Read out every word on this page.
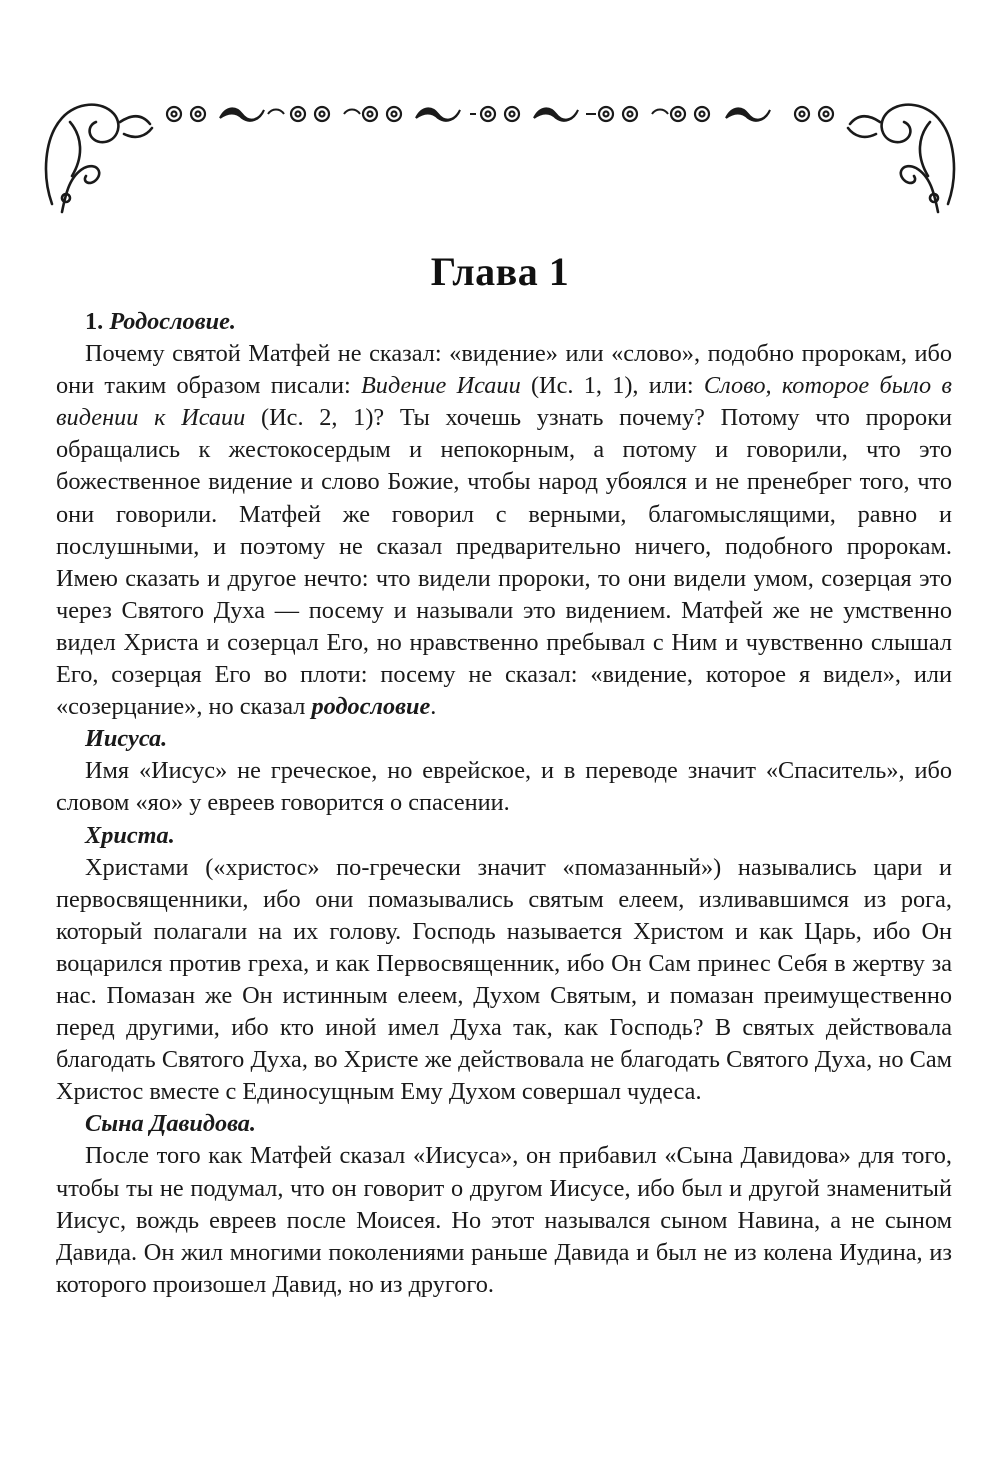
Глава 1

1. Родословие.

Почему святой Матфей не сказал: «видение» или «слово», подобно пророкам, ибо они таким образом писали: Видение Исаии (Ис. 1, 1), или: Слово, которое было в видении к Исаии (Ис. 2, 1)? Ты хочешь узнать почему? Потому что пророки обращались к жестокосердым и непокорным, а потому и говорили, что это божественное видение и слово Божие, чтобы народ убоялся и не пренебрег того, что они говорили. Матфей же говорил с верными, благомыслящими, равно и послушными, и поэтому не сказал предварительно ничего, подобного пророкам. Имею сказать и другое нечто: что видели пророки, то они видели умом, созерцая это через Святого Духа — посему и называли это видением. Матфей же не умственно видел Христа и созерцал Его, но нравственно пребывал с Ним и чувственно слышал Его, созерцая Его во плоти: посему не сказал: «видение, которое я видел», или «созерцание», но сказал родословие.

Иисуса.

Имя «Иисус» не греческое, но еврейское, и в переводе значит «Спаситель», ибо словом «яо» у евреев говорится о спасении.

Христа.

Христами («христос» по-гречески значит «помазанный») назывались цари и первосвященники, ибо они помазывались святым елеем, изливавшимся из рога, который полагали на их голову. Господь называется Христом и как Царь, ибо Он воцарился против греха, и как Первосвященник, ибо Он Сам принес Себя в жертву за нас. Помазан же Он истинным елеем, Духом Святым, и помазан преимущественно перед другими, ибо кто иной имел Духа так, как Господь? В святых действовала благодать Святого Духа, во Христе же действовала не благодать Святого Духа, но Сам Христос вместе с Единосущным Ему Духом совершал чудеса.

Сына Давидова.

После того как Матфей сказал «Иисуса», он прибавил «Сына Давидова» для того, чтобы ты не подумал, что он говорит о другом Иисусе, ибо был и другой знаменитый Иисус, вождь евреев после Моисея. Но этот назывался сыном Навина, а не сыном Давида. Он жил многими поколениями раньше Давида и был не из колена Иудина, из которого произошел Давид, но из другого.
